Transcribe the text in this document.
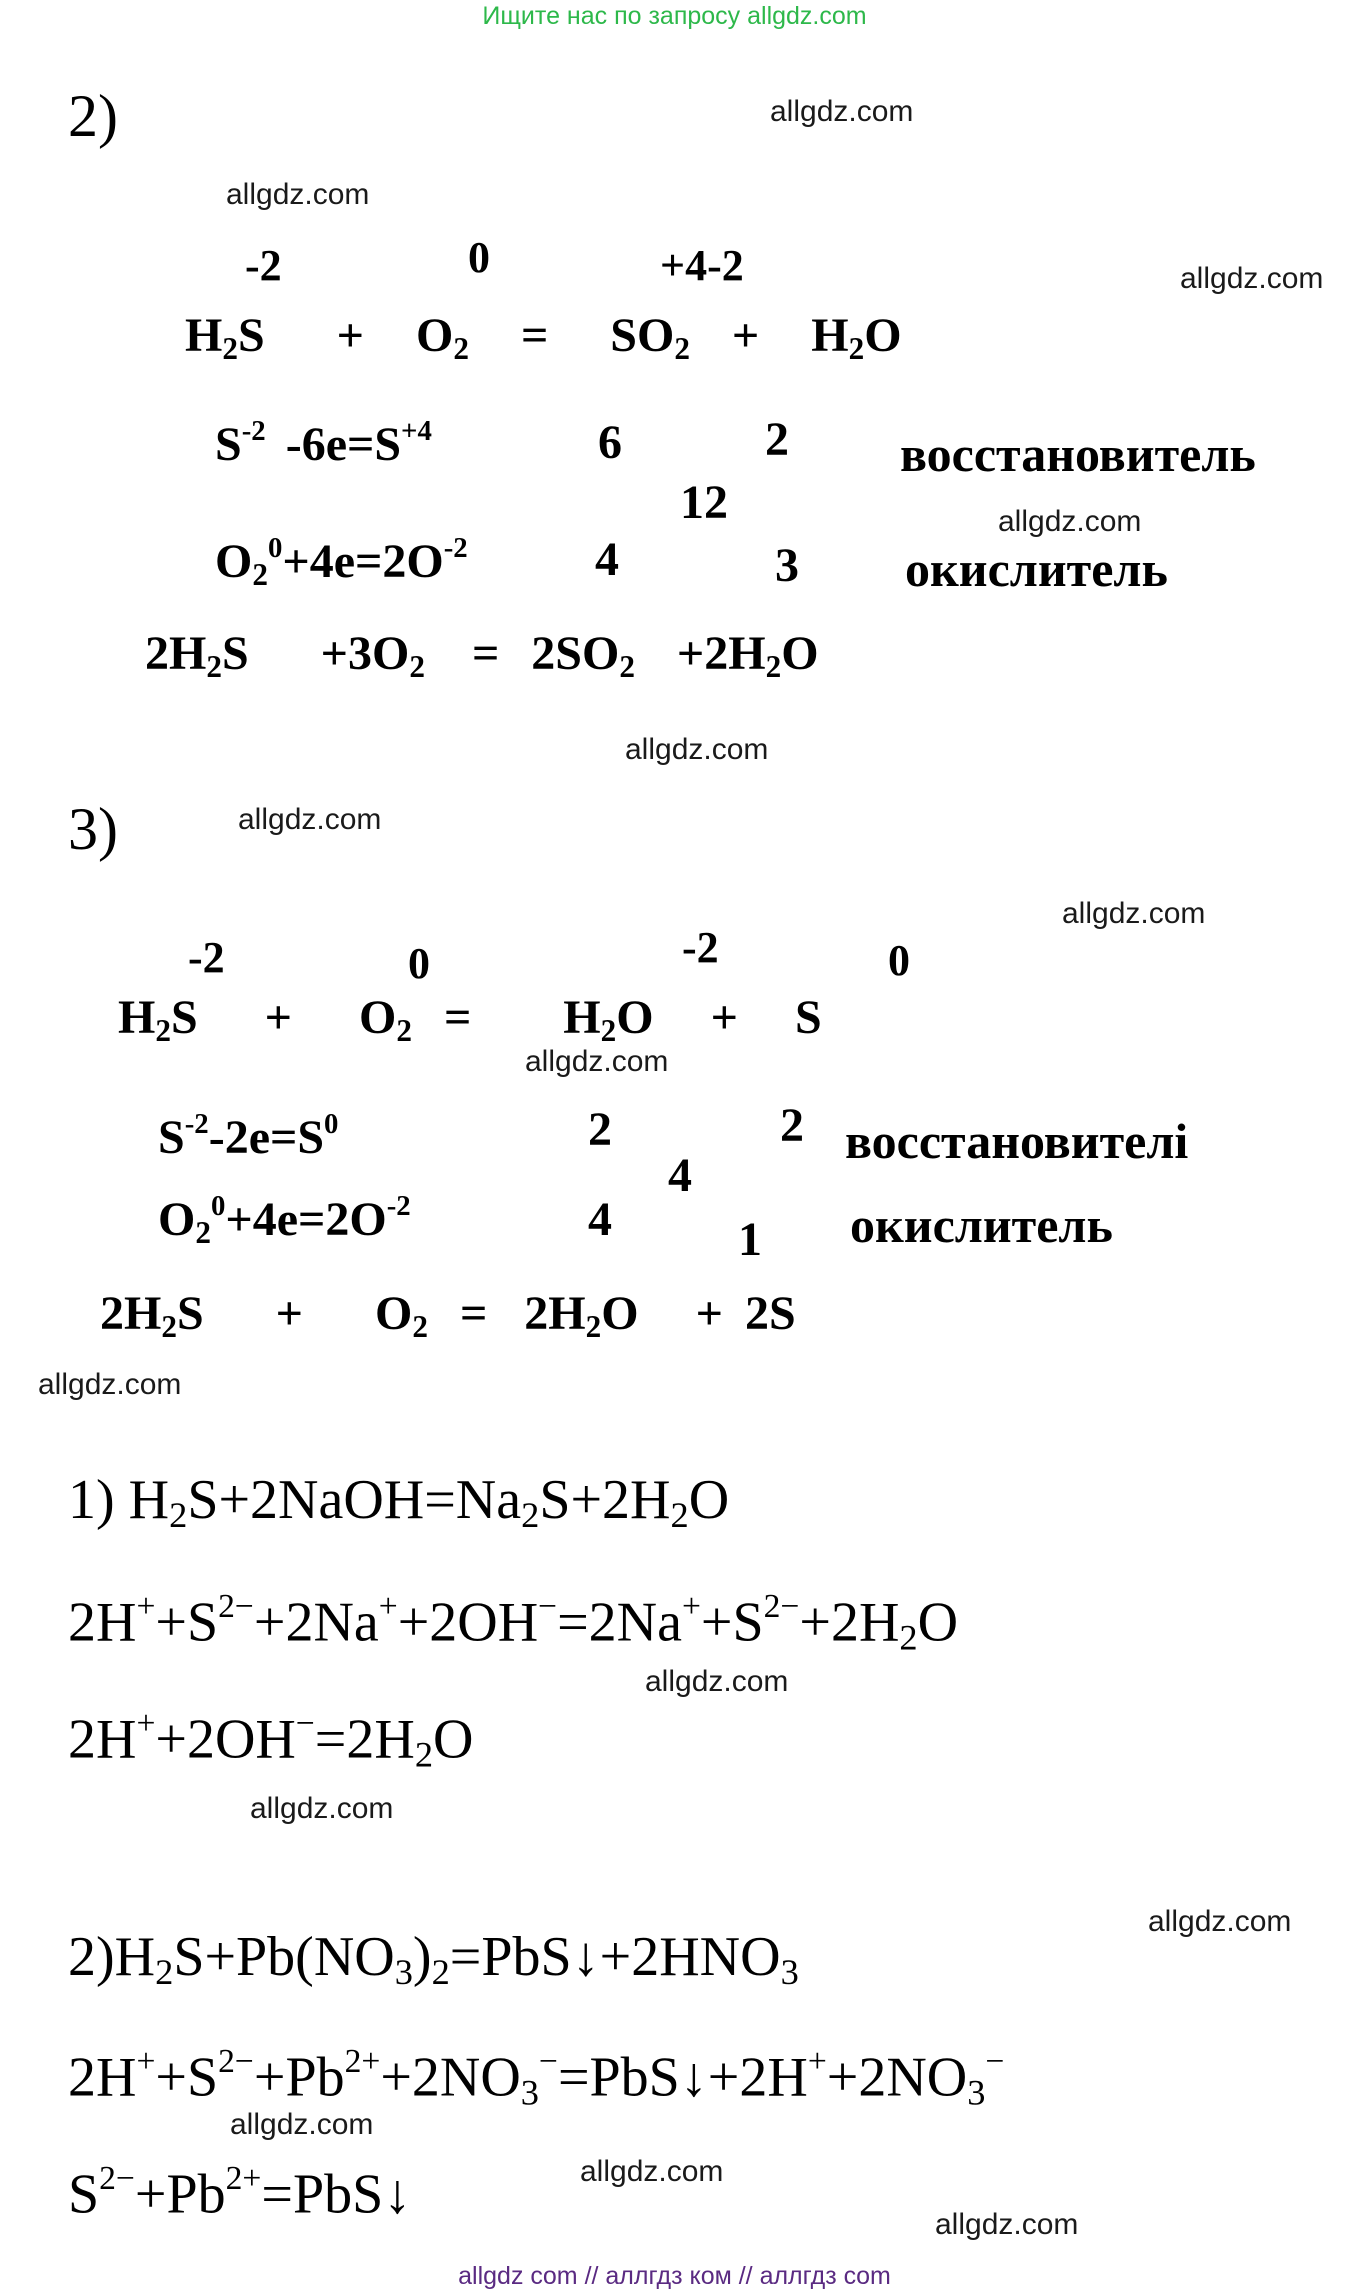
Ищите нас по запросу allgdz.com
2)	allgdz.com
allgdz.com
allgdz.com
-2	0	+4-2
$H_2S + O_2 = SO_2 + H_2O$
$S^{-2}$ $-6e=S^{+4}$	6	2 восстановитель
12	allgdz.com
$O_2^0+4e=2O^{-2}$	4	3 окислитель
$2H_2S +3O_2 = 2SO_2 +2H_2O$
allgdz.com
3)	allgdz.com
allgdz.com
-2	0	-2	0
$H_2S + O_2 = H_2O + S$
allgdz.com
$S^{-2}-2e=S^0$	2	2
4
восстановителі
$O_2^0+4e=2O^{-2}$	4	1 окислитель
$2H_2S + O_2 = 2H_2O + 2S$
allgdz.com
1) $H_2S+2NaOH=Na_2S+2H_2O$
$2H^++S^{2-}+2Na^++2OH^-=2Na^++S^{2-}+2H_2O$
allgdz.com
$2H^++2OH^-=2H_2O$
allgdz.com
allgdz.com
$2)H_2S+Pb(NO_3)_2=PbS↓+2HNO_3$
$2H^++S^{2-}+Pb^{2+}+2NO_3^-=PbS↓+2H^++2NO_3^-$
allgdz.com
allgdz.com
$S^{2-}+Pb^{2+}=PbS↓$	allgdz.com
allgdz com // аллгдз ком // аллгдз com
